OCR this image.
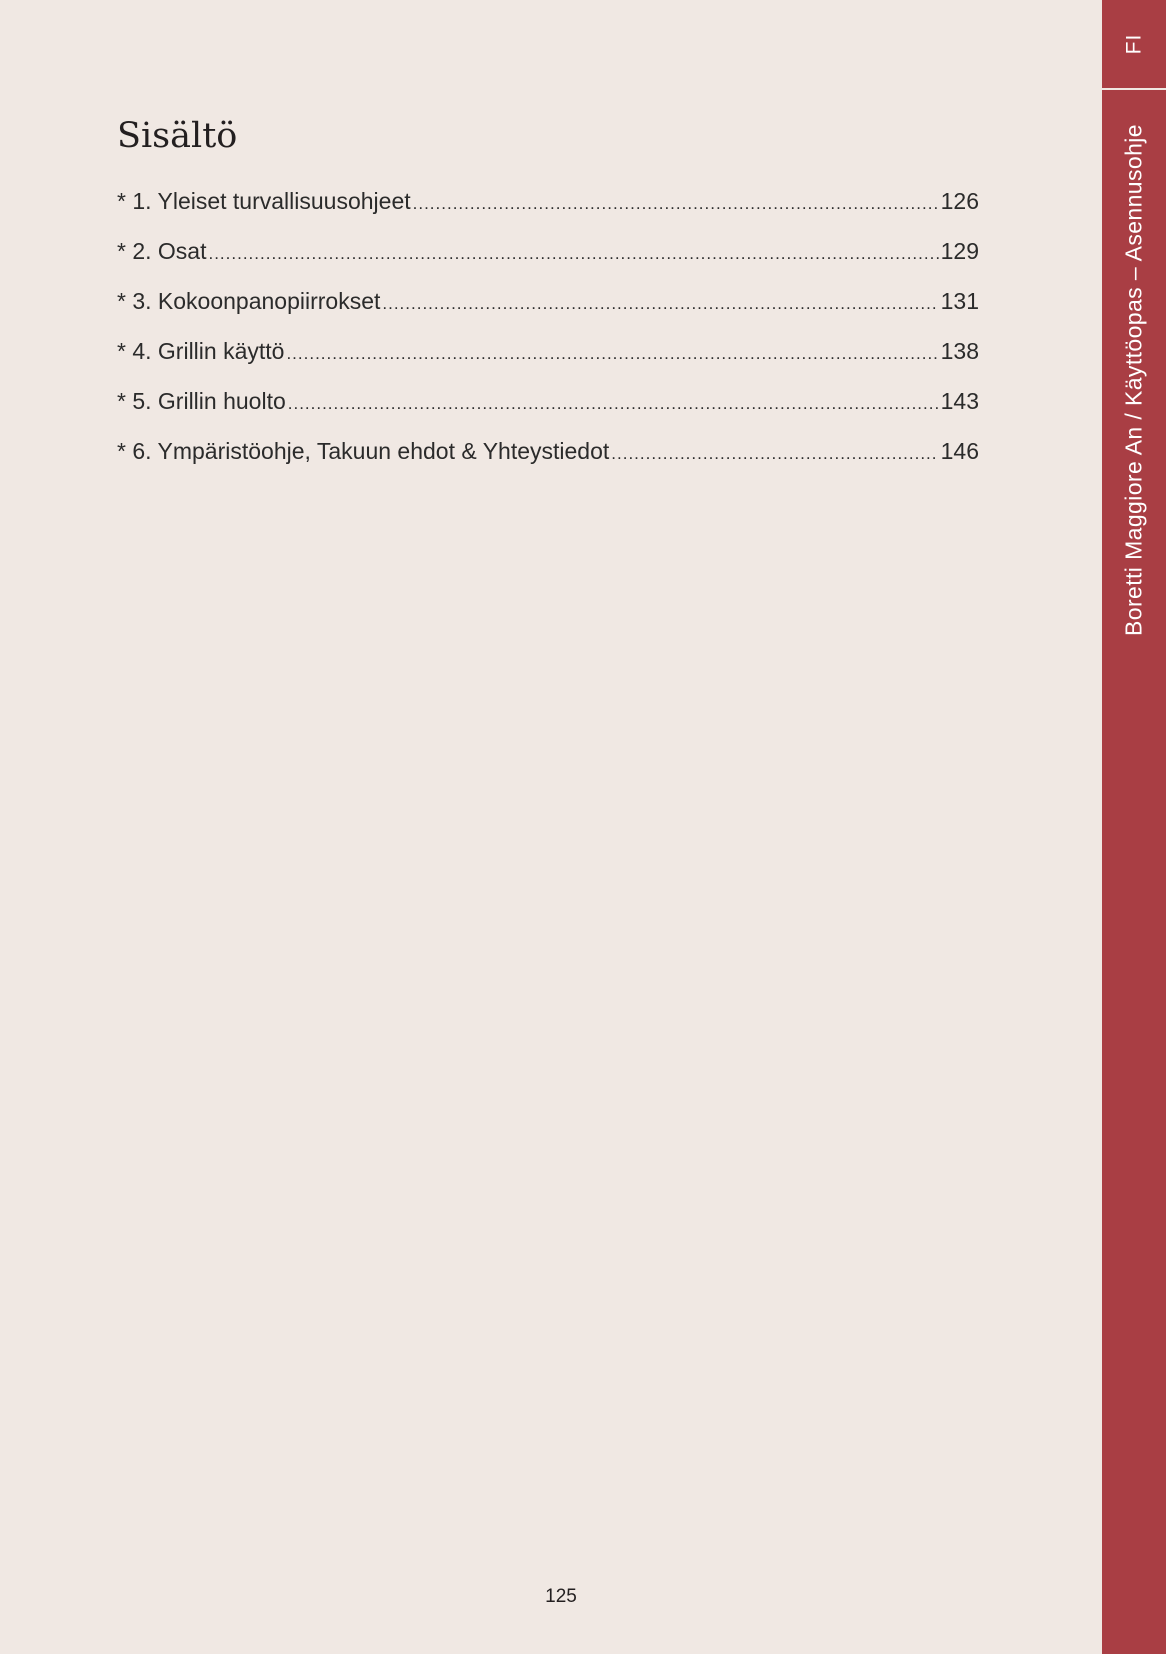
Sisältö
* 1. Yleiset turvallisuusohjeet .....	126
* 2. Osat .....	129
* 3. Kokoonpanopiirrokset .....	131
* 4. Grillin käyttö .....	138
* 5. Grillin huolto .....	143
* 6. Ympäristöohje, Takuun ehdot & Yhteystiedot .....	146
125
FI
Boretti Maggiore An / Käyttöopas – Asennusohje
